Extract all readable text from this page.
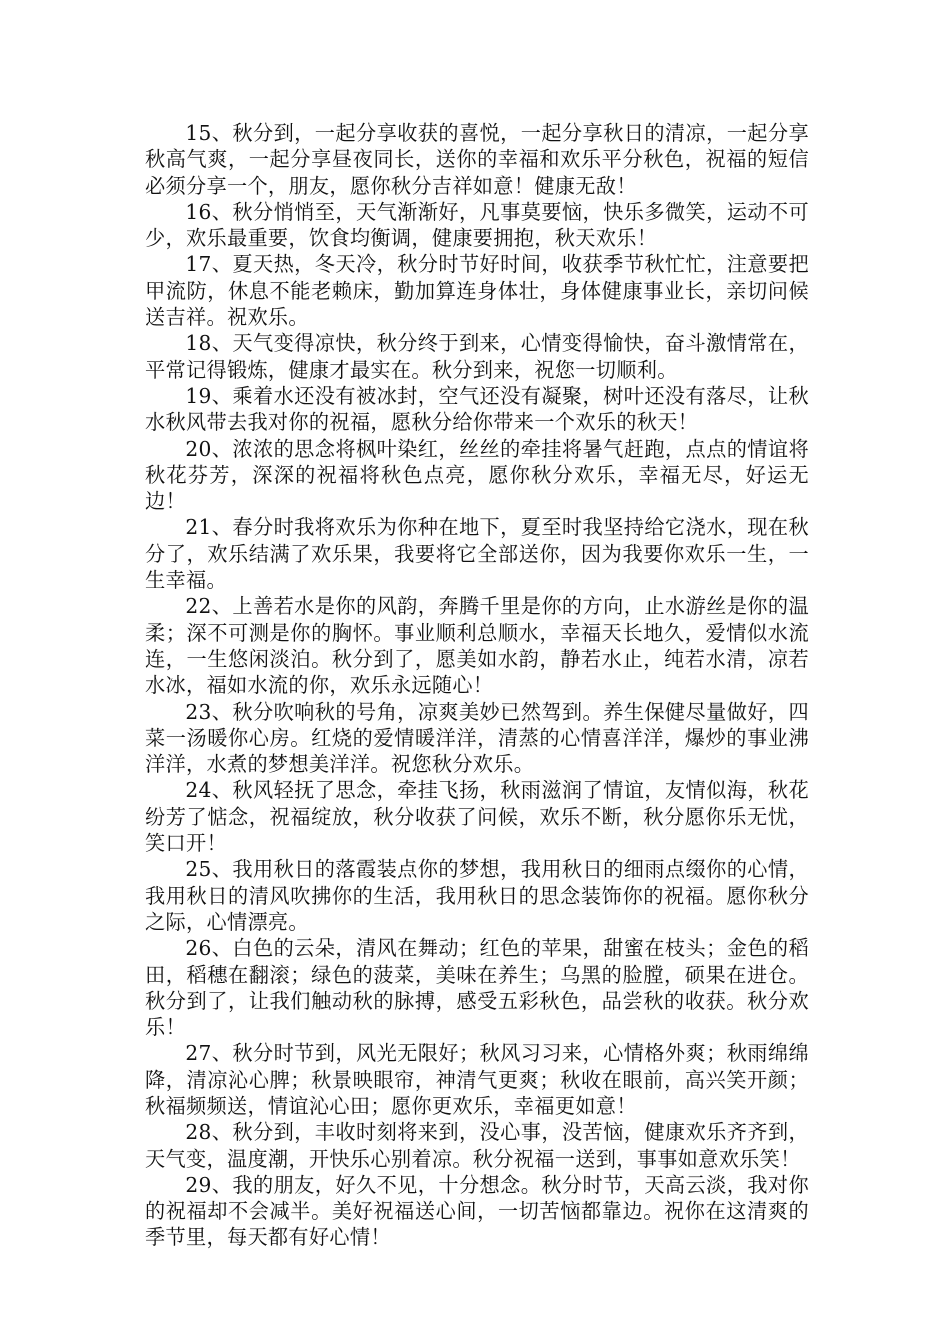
15、秋分到，一起分享收获的喜悦，一起分享秋日的清凉，一起分享秋高气爽，一起分享昼夜同长，送你的幸福和欢乐平分秋色，祝福的短信必须分享一个，朋友，愿你秋分吉祥如意！健康无敌！

16、秋分悄悄至，天气渐渐好，凡事莫要恼，快乐多微笑，运动不可少，欢乐最重要，饮食均衡调，健康要拥抱，秋天欢乐！

17、夏天热，冬天冷，秋分时节好时间，收获季节秋忙忙，注意要把甲流防，休息不能老赖床，勤加算连身体壮，身体健康事业长，亲切问候送吉祥。祝欢乐。

18、天气变得凉快，秋分终于到来，心情变得愉快，奋斗激情常在，平常记得锻炼，健康才最实在。秋分到来，祝您一切顺利。

19、乘着水还没有被冰封，空气还没有凝聚，树叶还没有落尽，让秋水秋风带去我对你的祝福，愿秋分给你带来一个欢乐的秋天！

20、浓浓的思念将枫叶染红，丝丝的牵挂将暑气赶跑，点点的情谊将秋花芬芳，深深的祝福将秋色点亮，愿你秋分欢乐，幸福无尽，好运无边！

21、春分时我将欢乐为你种在地下，夏至时我坚持给它浇水，现在秋分了，欢乐结满了欢乐果，我要将它全部送你，因为我要你欢乐一生，一生幸福。

22、上善若水是你的风韵，奔腾千里是你的方向，止水游丝是你的温柔；深不可测是你的胸怀。事业顺利总顺水，幸福天长地久，爱情似水流连，一生悠闲淡泊。秋分到了，愿美如水韵，静若水止，纯若水清，凉若水冰，福如水流的你，欢乐永远随心！

23、秋分吹响秋的号角，凉爽美妙已然驾到。养生保健尽量做好，四菜一汤暖你心房。红烧的爱情暖洋洋，清蒸的心情喜洋洋，爆炒的事业沸洋洋，水煮的梦想美洋洋。祝您秋分欢乐。

24、秋风轻抚了思念，牵挂飞扬，秋雨滋润了情谊，友情似海，秋花纷芳了惦念，祝福绽放，秋分收获了问候，欢乐不断，秋分愿你乐无忧，笑口开！

25、我用秋日的落霞装点你的梦想，我用秋日的细雨点缀你的心情，我用秋日的清风吹拂你的生活，我用秋日的思念装饰你的祝福。愿你秋分之际，心情漂亮。

26、白色的云朵，清风在舞动；红色的苹果，甜蜜在枝头；金色的稻田，稻穗在翻滚；绿色的菠菜，美味在养生；乌黑的脸膛，硕果在进仓。秋分到了，让我们触动秋的脉搏，感受五彩秋色，品尝秋的收获。秋分欢乐！

27、秋分时节到，风光无限好；秋风习习来，心情格外爽；秋雨绵绵降，清凉沁心脾；秋景映眼帘，神清气更爽；秋收在眼前，高兴笑开颜；秋福频频送，情谊沁心田；愿你更欢乐，幸福更如意！

28、秋分到，丰收时刻将来到，没心事，没苦恼，健康欢乐齐齐到，天气变，温度潮，开快乐心别着凉。秋分祝福一送到，事事如意欢乐笑！

29、我的朋友，好久不见，十分想念。秋分时节，天高云淡，我对你的祝福却不会减半。美好祝福送心间，一切苦恼都靠边。祝你在这清爽的季节里，每天都有好心情！
